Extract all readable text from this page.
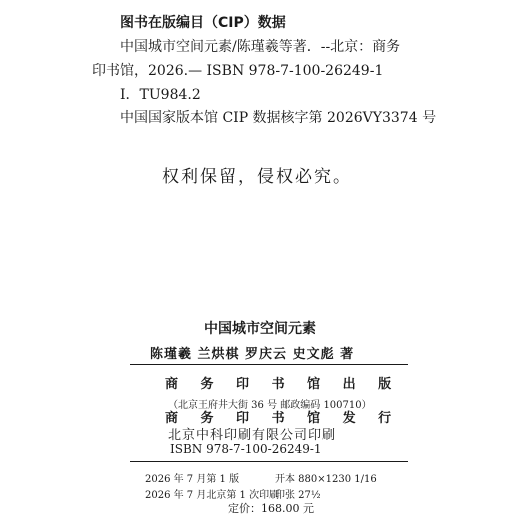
图书在版编目（CIP）数据
中国城市空间元素/陈瑾羲等著．--北京：商务
印书馆，2026.— ISBN 978-7-100-26249-1
Ⅰ．TU984.2
中国国家版本馆 CIP 数据核字第 2026VY3374 号
权利保留，侵权必究。
中国城市空间元素
陈瑾羲 兰烘棋 罗庆云 史文彪 著
商 务 印 书 馆 出 版
（北京王府井大街 36 号 邮政编码 100710）
商 务 印 书 馆 发 行
北京中科印刷有限公司印刷
ISBN 978-7-100-26249-1
2026 年 7 月第 1 版	开本 880×1230 1/16
2026 年 7 月北京第 1 次印刷
印张 27½
定价：168.00 元
